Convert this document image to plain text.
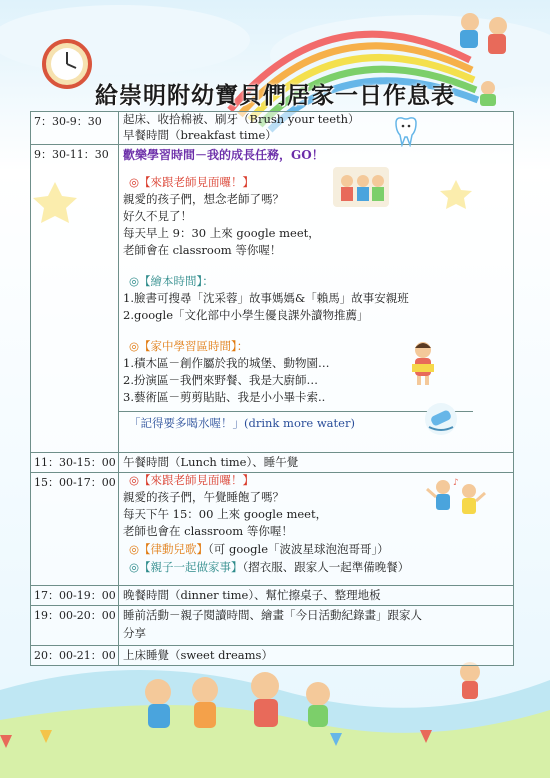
給崇明附幼寶貝們居家一日作息表
7：30-9：30	起床、收拾棉被、刷牙（Brush your teeth）
早餐時間（breakfast time）
9：30-11：30	歡樂學習時間－我的成長任務，GO！
◎【來跟老師見面囉！】
親愛的孩子們，想念老師了嗎？
好久不見了！
每天早上 9：30 上來 google meet，
老師會在 classroom 等你喔！
◎【繪本時間】：
1.臉書可搜尋「沈采蓉」故事媽媽&「賴馬」故事安親班
2.google「文化部中小學生優良課外讀物推薦」
◎【家中學習區時間】：
1.積木區－創作屬於我的城堡、動物園…
2.扮演區－我們來野餐、我是大廚師…
3.藝術區－剪剪貼貼、我是小小畢卡索..
「記得要多喝水喔！」(drink more water)
11：30-15：00 午餐時間（Lunch time）、睡午覺
15：00-17：00 ◎【來跟老師見面囉！】
親愛的孩子們，午覺睡飽了嗎？
每天下午 15：00 上來 google meet，
老師也會在 classroom 等你喔！
◎【律動兒歌】（可 google「波波星球泡泡哥哥」）
◎【親子一起做家事】（摺衣服、跟家人一起準備晚餐）
♪
17：00-19：00 晚餐時間（dinner time）、幫忙擦桌子、整理地板
19：00-20：00 睡前活動－親子閱讀時間、繪畫「今日活動紀錄畫」跟家人
分享
20：00-21：00 上床睡覺（sweet dreams）
